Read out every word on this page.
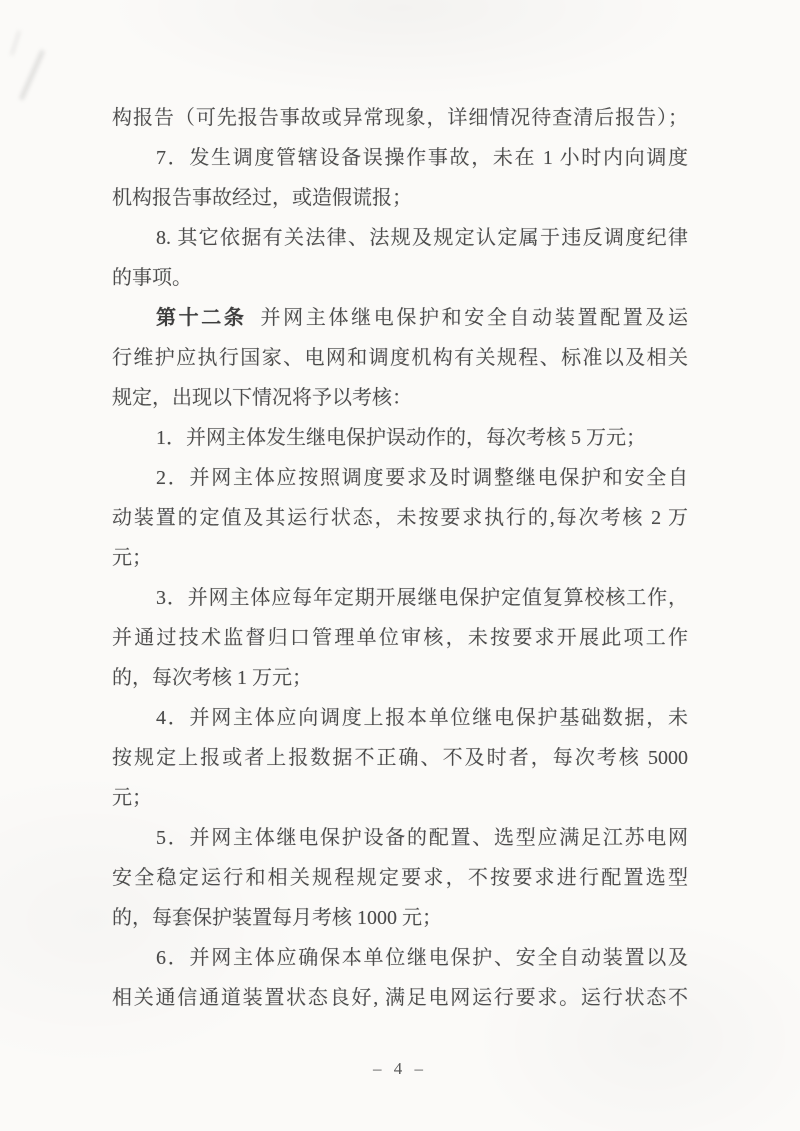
构报告（可先报告事故或异常现象，详细情况待查清后报告）；
7．发生调度管辖设备误操作事故，未在 1 小时内向调度
机构报告事故经过，或造假谎报；
8. 其它依据有关法律、法规及规定认定属于违反调度纪律
的事项。
第十二条 并网主体继电保护和安全自动装置配置及运
行维护应执行国家、电网和调度机构有关规程、标准以及相关
规定，出现以下情况将予以考核：
1．并网主体发生继电保护误动作的，每次考核 5 万元；
2．并网主体应按照调度要求及时调整继电保护和安全自
动装置的定值及其运行状态，未按要求执行的,每次考核 2 万
元；
3．并网主体应每年定期开展继电保护定值复算校核工作，
并通过技术监督归口管理单位审核，未按要求开展此项工作
的，每次考核 1 万元；
4．并网主体应向调度上报本单位继电保护基础数据，未
按规定上报或者上报数据不正确、不及时者，每次考核 5000
元；
5．并网主体继电保护设备的配置、选型应满足江苏电网
安全稳定运行和相关规程规定要求，不按要求进行配置选型
的，每套保护装置每月考核 1000 元；
6．并网主体应确保本单位继电保护、安全自动装置以及
相关通信通道装置状态良好, 满足电网运行要求。运行状态不
– 4 –
